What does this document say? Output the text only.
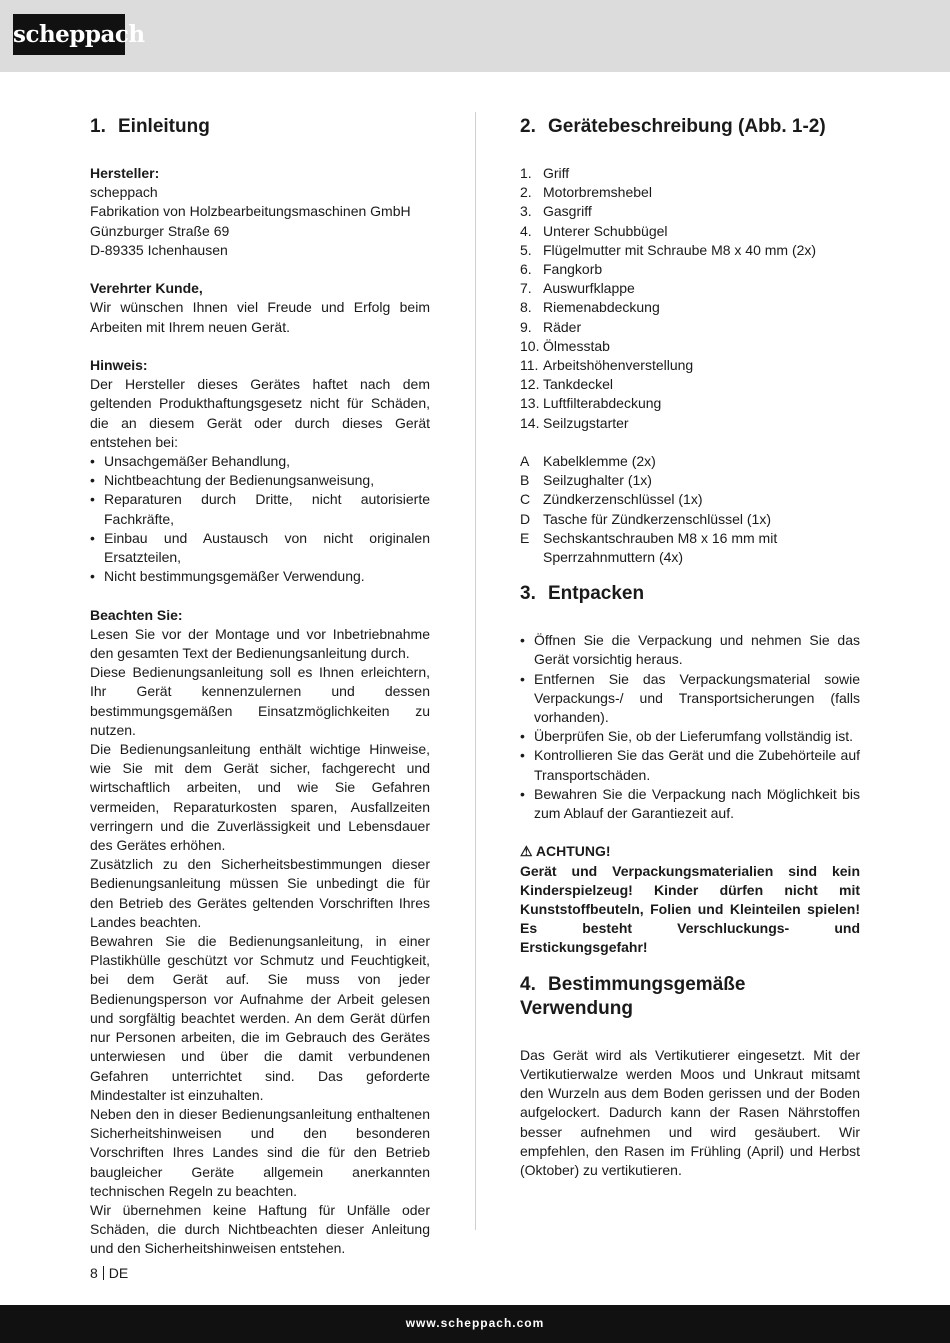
scheppach
1. Einleitung
Hersteller:
scheppach
Fabrikation von Holzbearbeitungsmaschinen GmbH
Günzburger Straße 69
D-89335 Ichenhausen
Verehrter Kunde,

Wir wünschen Ihnen viel Freude und Erfolg beim Arbeiten mit Ihrem neuen Gerät.

Hinweis:

Der Hersteller dieses Gerätes haftet nach dem geltenden Produkthaftungsgesetz nicht für Schäden, die an diesem Gerät oder durch dieses Gerät entstehen bei:

• Unsachgemäßer Behandlung,
• Nichtbeachtung der Bedienungsanweisung,
• Reparaturen durch Dritte, nicht autorisierte Fachkräfte,
• Einbau und Austausch von nicht originalen Ersatzteilen,
• Nicht bestimmungsgemäßer Verwendung.
Beachten Sie:

Lesen Sie vor der Montage und vor Inbetriebnahme den gesamten Text der Bedienungsanleitung durch.

Diese Bedienungsanleitung soll es Ihnen erleichtern, Ihr Gerät kennenzulernen und dessen bestimmungsgemäßen Einsatzmöglichkeiten zu nutzen.

Die Bedienungsanleitung enthält wichtige Hinweise, wie Sie mit dem Gerät sicher, fachgerecht und wirtschaftlich arbeiten, und wie Sie Gefahren vermeiden, Reparaturkosten sparen, Ausfallzeiten verringern und die Zuverlässigkeit und Lebensdauer des Gerätes erhöhen.

Zusätzlich zu den Sicherheitsbestimmungen dieser Bedienungsanleitung müssen Sie unbedingt die für den Betrieb des Gerätes geltenden Vorschriften Ihres Landes beachten.

Bewahren Sie die Bedienungsanleitung, in einer Plastikhülle geschützt vor Schmutz und Feuchtigkeit, bei dem Gerät auf. Sie muss von jeder Bedienungsperson vor Aufnahme der Arbeit gelesen und sorgfältig beachtet werden. An dem Gerät dürfen nur Personen arbeiten, die im Gebrauch des Gerätes unterwiesen und über die damit verbundenen Gefahren unterrichtet sind. Das geforderte Mindestalter ist einzuhalten.

Neben den in dieser Bedienungsanleitung enthaltenen Sicherheitshinweisen und den besonderen Vorschriften Ihres Landes sind die für den Betrieb baugleicher Geräte allgemein anerkannten technischen Regeln zu beachten.

Wir übernehmen keine Haftung für Unfälle oder Schäden, die durch Nichtbeachten dieser Anleitung und den Sicherheitshinweisen entstehen.

2. Gerätebeschreibung (Abb. 1-2)
1. Griff
2. Motorbremshebel
3. Gasgriff
4. Unterer Schubbügel
5. Flügelmutter mit Schraube M8 x 40 mm (2x)
6. Fangkorb
7. Auswurfklappe
8. Riemenabdeckung
9. Räder
10. Ölmesstab
11. Arbeitshöhenverstellung
12. Tankdeckel
13. Luftfilterabdeckung
14. Seilzugstarter
A Kabelklemme (2x)
B Seilzughalter (1x)
C Zündkerzenschlüssel (1x)
D Tasche für Zündkerzenschlüssel (1x)
E Sechskantschrauben M8 x 16 mm mit Sperrzahnmuttern (4x)
3. Entpacken
• Öffnen Sie die Verpackung und nehmen Sie das Gerät vorsichtig heraus.
• Entfernen Sie das Verpackungsmaterial sowie Verpackungs-/ und Transportsicherungen (falls vorhanden).
• Überprüfen Sie, ob der Lieferumfang vollständig ist.
• Kontrollieren Sie das Gerät und die Zubehörteile auf Transportschäden.
• Bewahren Sie die Verpackung nach Möglichkeit bis zum Ablauf der Garantiezeit auf.
⚠ ACHTUNG!

Gerät und Verpackungsmaterialien sind kein Kinderspielzeug! Kinder dürfen nicht mit Kunststoffbeuteln, Folien und Kleinteilen spielen! Es besteht Verschluckungs- und Erstickungsgefahr!

4. Bestimmungsgemäße Verwendung

Das Gerät wird als Vertikutierer eingesetzt. Mit der Vertikutierwalze werden Moos und Unkraut mitsamt den Wurzeln aus dem Boden gerissen und der Boden aufgelockert. Dadurch kann der Rasen Nährstoffen besser aufnehmen und wird gesäubert. Wir empfehlen, den Rasen im Frühling (April) und Herbst (Oktober) zu vertikutieren.

8 DE
www.scheppach.com
